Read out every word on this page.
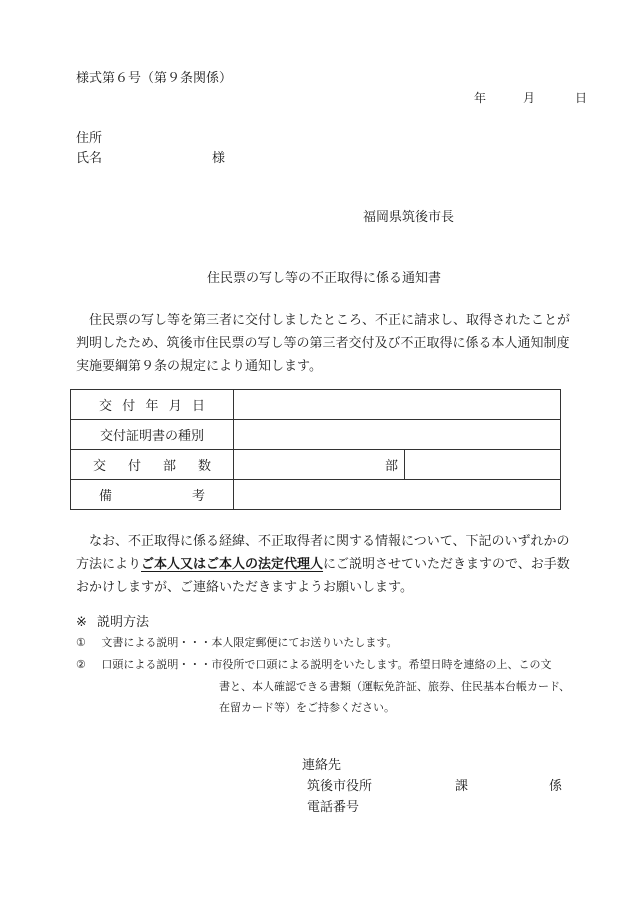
様式第６号（第９条関係）
年	月	日
住所
氏名	様
福岡県筑後市長
住民票の写し等の不正取得に係る通知書
住民票の写し等を第三者に交付しましたところ、不正に請求し、取得されたことが
判明したため、筑後市住民票の写し等の第三者交付及び不正取得に係る本人通知制度
実施要綱第９条の規定により通知します。
交 付 年 月 日		

交付証明書の種別		

交 付 部 数	部	

備 考		

なお、不正取得に係る経緯、不正取得者に関する情報について、下記のいずれかの
方法によりご本人又はご本人の法定代理人にご説明させていただきますので、お手数
おかけしますが、ご連絡いただきますようお願いします。
※ 説明方法
① 文書による説明・・・本人限定郵便にてお送りいたします。
② 口頭による説明・・・市役所で口頭による説明をいたします。希望日時を連絡の上、この文
書と、本人確認できる書類（運転免許証、旅券、住民基本台帳カード、
在留カード等）をご持参ください。
連絡先
筑後市役所	課	係
電話番号
